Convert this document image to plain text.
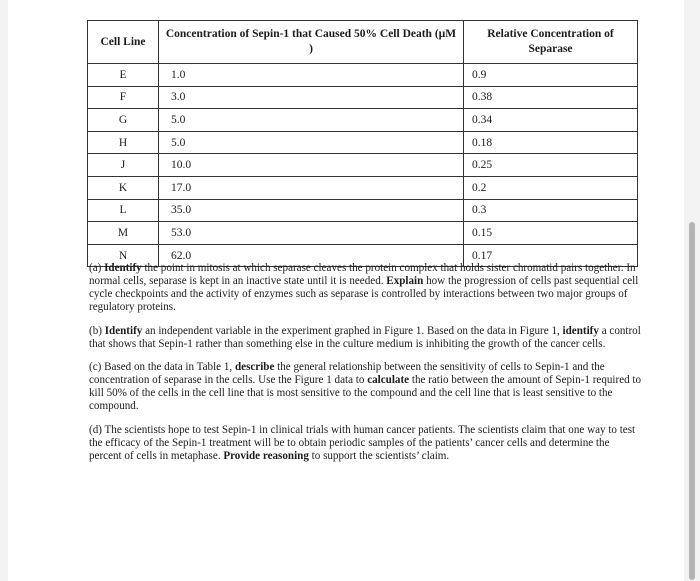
Cell Line	Concentration of Sepin-1 that Caused 50% Cell Death (µM )	Relative Concentration of Separase
E	1.0	0.9
F	3.0	0.38
G	5.0	0.34
H	5.0	0.18
J	10.0	0.25
K	17.0	0.2
L	35.0	0.3
M	53.0	0.15
N	62.0	0.17

(a) Identify the point in mitosis at which separase cleaves the protein complex that holds sister chromatid pairs together. In normal cells, separase is kept in an inactive state until it is needed. Explain how the progression of cells past sequential cell cycle checkpoints and the activity of enzymes such as separase is controlled by interactions between two major groups of regulatory proteins.

(b) Identify an independent variable in the experiment graphed in Figure 1. Based on the data in Figure 1, identify a control that shows that Sepin-1 rather than something else in the culture medium is inhibiting the growth of the cancer cells.

(c) Based on the data in Table 1, describe the general relationship between the sensitivity of cells to Sepin-1 and the concentration of separase in the cells. Use the Figure 1 data to calculate the ratio between the amount of Sepin-1 required to kill 50% of the cells in the cell line that is most sensitive to the compound and the cell line that is least sensitive to the compound.

(d) The scientists hope to test Sepin-1 in clinical trials with human cancer patients. The scientists claim that one way to test the efficacy of the Sepin-1 treatment will be to obtain periodic samples of the patients’ cancer cells and determine the percent of cells in metaphase. Provide reasoning to support the scientists’ claim.
